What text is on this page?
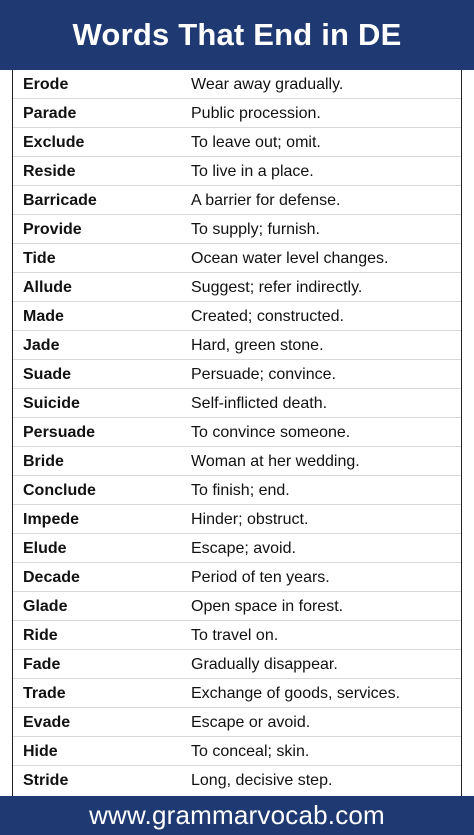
Words That End in DE
Erode	Wear away gradually.
Parade	Public procession.
Exclude	To leave out; omit.
Reside	To live in a place.
Barricade	A barrier for defense.
Provide	To supply; furnish.
Tide	Ocean water level changes.
Allude	Suggest; refer indirectly.
Made	Created; constructed.
Jade	Hard, green stone.
Suade	Persuade; convince.
Suicide	Self-inflicted death.
Persuade	To convince someone.
Bride	Woman at her wedding.
Conclude	To finish; end.
Impede	Hinder; obstruct.
Elude	Escape; avoid.
Decade	Period of ten years.
Glade	Open space in forest.
Ride	To travel on.
Fade	Gradually disappear.
Trade	Exchange of goods, services.
Evade	Escape or avoid.
Hide	To conceal; skin.
Stride	Long, decisive step.
www.grammarvocab.com
